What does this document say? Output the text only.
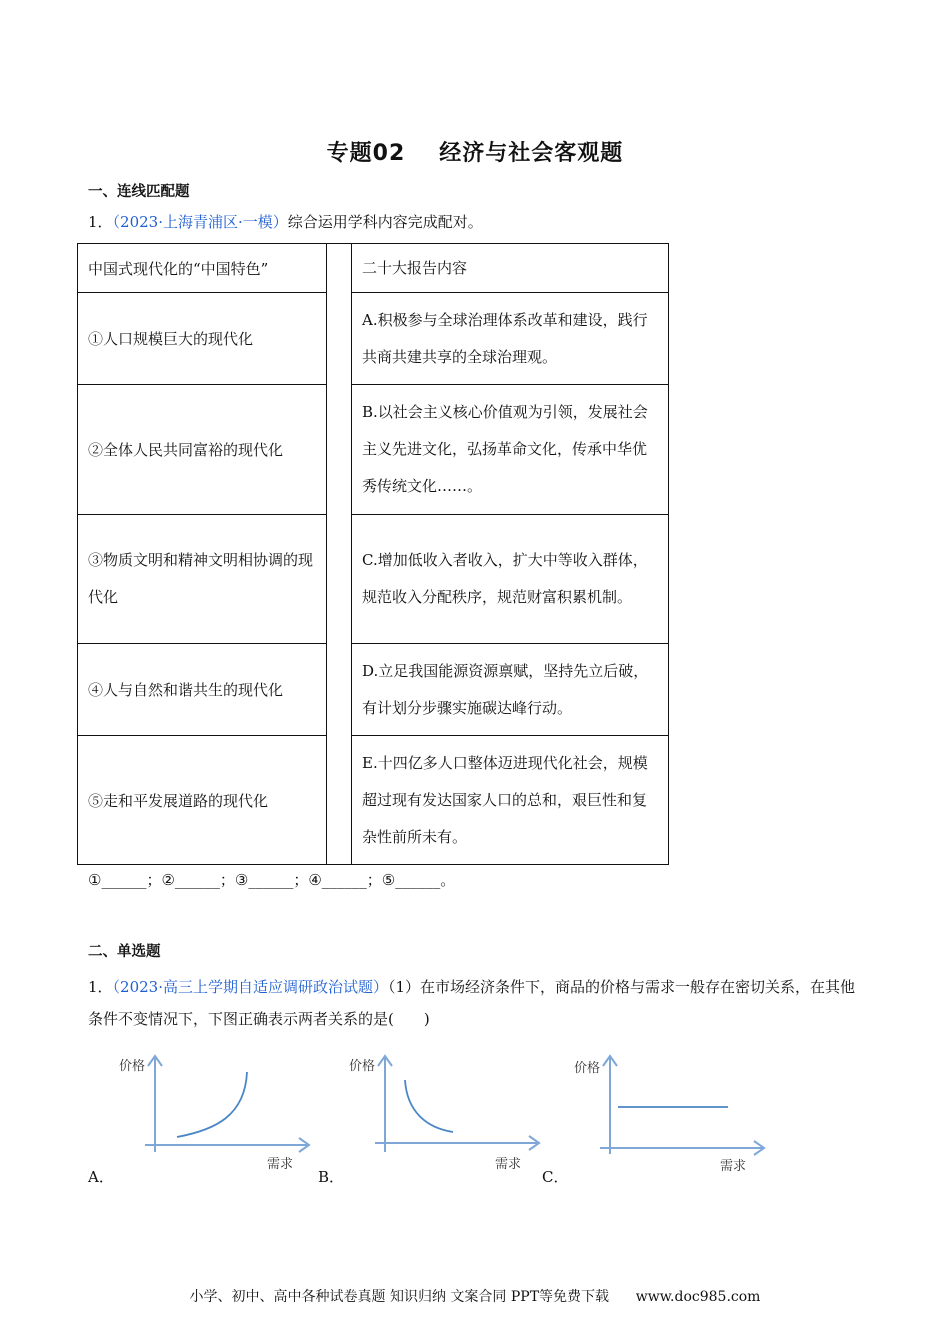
专题02 经济与社会客观题
一、连线匹配题
1．（2023·上海青浦区·一模）综合运用学科内容完成配对。
中国式现代化的“中国特色”		二十大报告内容
①人口规模巨大的现代化		A.积极参与全球治理体系改革和建设，践行共商共建共享的全球治理观。
②全体人民共同富裕的现代化		B.以社会主义核心价值观为引领，发展社会主义先进文化，弘扬革命文化，传承中华优秀传统文化……。
③物质文明和精神文明相协调的现代化		C.增加低收入者收入，扩大中等收入群体，规范收入分配秩序，规范财富积累机制。
④人与自然和谐共生的现代化		D.立足我国能源资源禀赋，坚持先立后破，有计划分步骤实施碳达峰行动。
⑤走和平发展道路的现代化		E.十四亿多人口整体迈进现代化社会，规模超过现有发达国家人口的总和，艰巨性和复杂性前所未有。
①______；②______；③______；④______；⑤______。
二、单选题
1．（2023·高三上学期自适应调研政治试题）（1）在市场经济条件下，商品的价格与需求一般存在密切关系，在其他条件不变情况下，下图正确表示两者关系的是(　　)
A．
价格
需求
B．
价格
需求
C．
价格
需求
小学、初中、高中各种试卷真题 知识归纳 文案合同 PPT等免费下载 www.doc985.com
